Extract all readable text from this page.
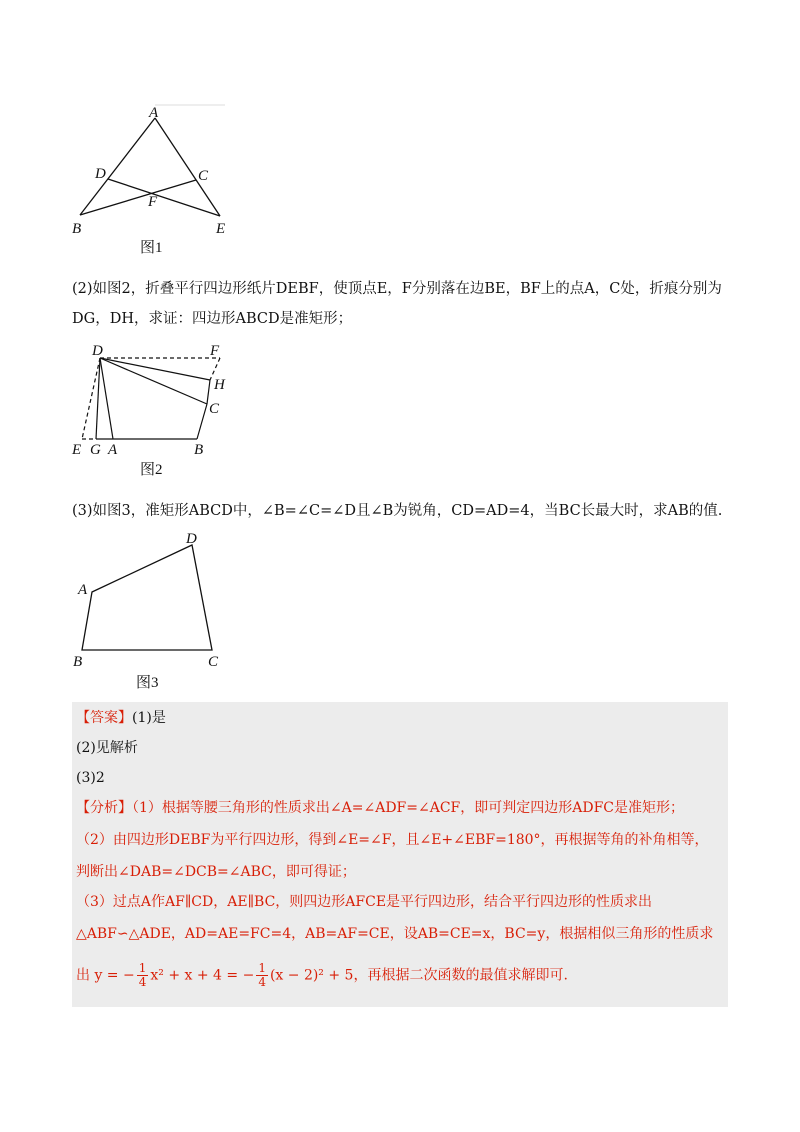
A
D	C
F
B	E
图1
(2)如图2，折叠平行四边形纸片DEBF，使顶点E，F分别落在边BE，BF上的点A，C处，折痕分别为
DG，DH，求证：四边形ABCD是准矩形；
D	F
H
C
E G A	B
图2
(3)如图3，准矩形ABCD中，∠B=∠C=∠D且∠B为锐角，CD=AD=4，当BC长最大时，求AB的值.
D
A
B	C
图3
【答案】(1)是
(2)见解析
(3)2
【分析】（1）根据等腰三角形的性质求出∠A=∠ADF=∠ACF，即可判定四边形ADFC是准矩形；
（2）由四边形DEBF为平行四边形，得到∠E=∠F，且∠E+∠EBF=180°，再根据等角的补角相等，
判断出∠DAB=∠DCB=∠ABC，即可得证；
（3）过点A作AF∥CD，AE∥BC，则四边形AFCE是平行四边形，结合平行四边形的性质求出
△ABF∽△ADE，AD=AE=FC=4，AB=AF=CE，设AB=CE=x，BC=y，根据相似三角形的性质求
出 y = − $\frac{1}{4} x^2 + x + 4$ = − $\frac{1}{4} (x - 2)^2 + 5$，再根据二次函数的最值求解即可.
